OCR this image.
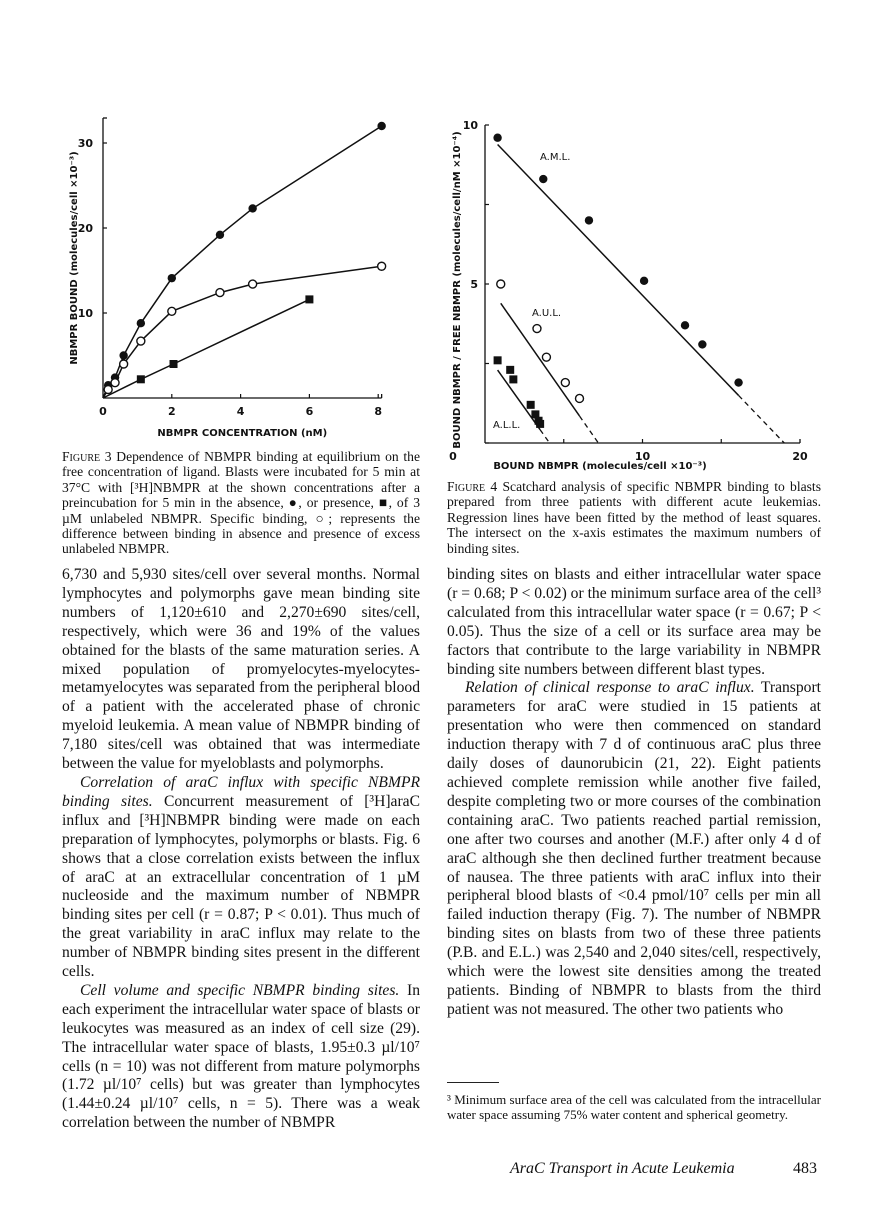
0	2	4	6	8
10
20
30
NBMPR CONCENTRATION (nM)
NBMPR BOUND (molecules/cell ×10⁻³)
Figure 3 Dependence of NBMPR binding at equilibrium on the free concentration of ligand. Blasts were incubated for 5 min at 37°C with [³H]NBMPR at the shown concentrations after a preincubation for 5 min in the absence, ●, or presence, ■, of 3 µM unlabeled NBMPR. Specific binding, ○; represents the difference between binding in absence and presence of excess unlabeled NBMPR.
10
5
0	10	20
BOUND NBMPR (molecules/cell ×10⁻³)
BOUND NBMPR / FREE NBMPR (molecules/cell/nM ×10⁻⁴)	A.M.L.
A.U.L.
A.L.L.
Figure 4 Scatchard analysis of specific NBMPR binding to blasts prepared from three patients with different acute leukemias. Regression lines have been fitted by the method of least squares. The intersect on the x-axis estimates the maximum numbers of binding sites.

6,730 and 5,930 sites/cell over several months. Normal lymphocytes and polymorphs gave mean binding site numbers of 1,120±610 and 2,270±690 sites/cell, respectively, which were 36 and 19% of the values obtained for the blasts of the same maturation series. A mixed population of promyelocytes-myelocytes-metamyelocytes was separated from the peripheral blood of a patient with the accelerated phase of chronic myeloid leukemia. A mean value of NBMPR binding of 7,180 sites/cell was obtained that was intermediate between the value for myeloblasts and polymorphs.

Correlation of araC influx with specific NBMPR binding sites. Concurrent measurement of [³H]araC influx and [³H]NBMPR binding were made on each preparation of lymphocytes, polymorphs or blasts. Fig. 6 shows that a close correlation exists between the influx of araC at an extracellular concentration of 1 µM nucleoside and the maximum number of NBMPR binding sites per cell (r = 0.87; P < 0.01). Thus much of the great variability in araC influx may relate to the number of NBMPR binding sites present in the different cells.

Cell volume and specific NBMPR binding sites. In each experiment the intracellular water space of blasts or leukocytes was measured as an index of cell size (29). The intracellular water space of blasts, 1.95±0.3 µl/10⁷ cells (n = 10) was not different from mature polymorphs (1.72 µl/10⁷ cells) but was greater than lymphocytes (1.44±0.24 µl/10⁷ cells, n = 5). There was a weak correlation between the number of NBMPR

binding sites on blasts and either intracellular water space (r = 0.68; P < 0.02) or the minimum surface area of the cell³ calculated from this intracellular water space (r = 0.67; P < 0.05). Thus the size of a cell or its surface area may be factors that contribute to the large variability in NBMPR binding site numbers between different blast types.

Relation of clinical response to araC influx. Transport parameters for araC were studied in 15 patients at presentation who were then commenced on standard induction therapy with 7 d of continuous araC plus three daily doses of daunorubicin (21, 22). Eight patients achieved complete remission while another five failed, despite completing two or more courses of the combination containing araC. Two patients reached partial remission, one after two courses and another (M.F.) after only 4 d of araC although she then declined further treatment because of nausea. The three patients with araC influx into their peripheral blood blasts of <0.4 pmol/10⁷ cells per min all failed induction therapy (Fig. 7). The number of NBMPR binding sites on blasts from two of these three patients (P.B. and E.L.) was 2,540 and 2,040 sites/cell, respectively, which were the lowest site densities among the treated patients. Binding of NBMPR to blasts from the third patient was not measured. The other two patients who

³ Minimum surface area of the cell was calculated from the intracellular water space assuming 75% water content and spherical geometry.
AraC Transport in Acute Leukemia	483
